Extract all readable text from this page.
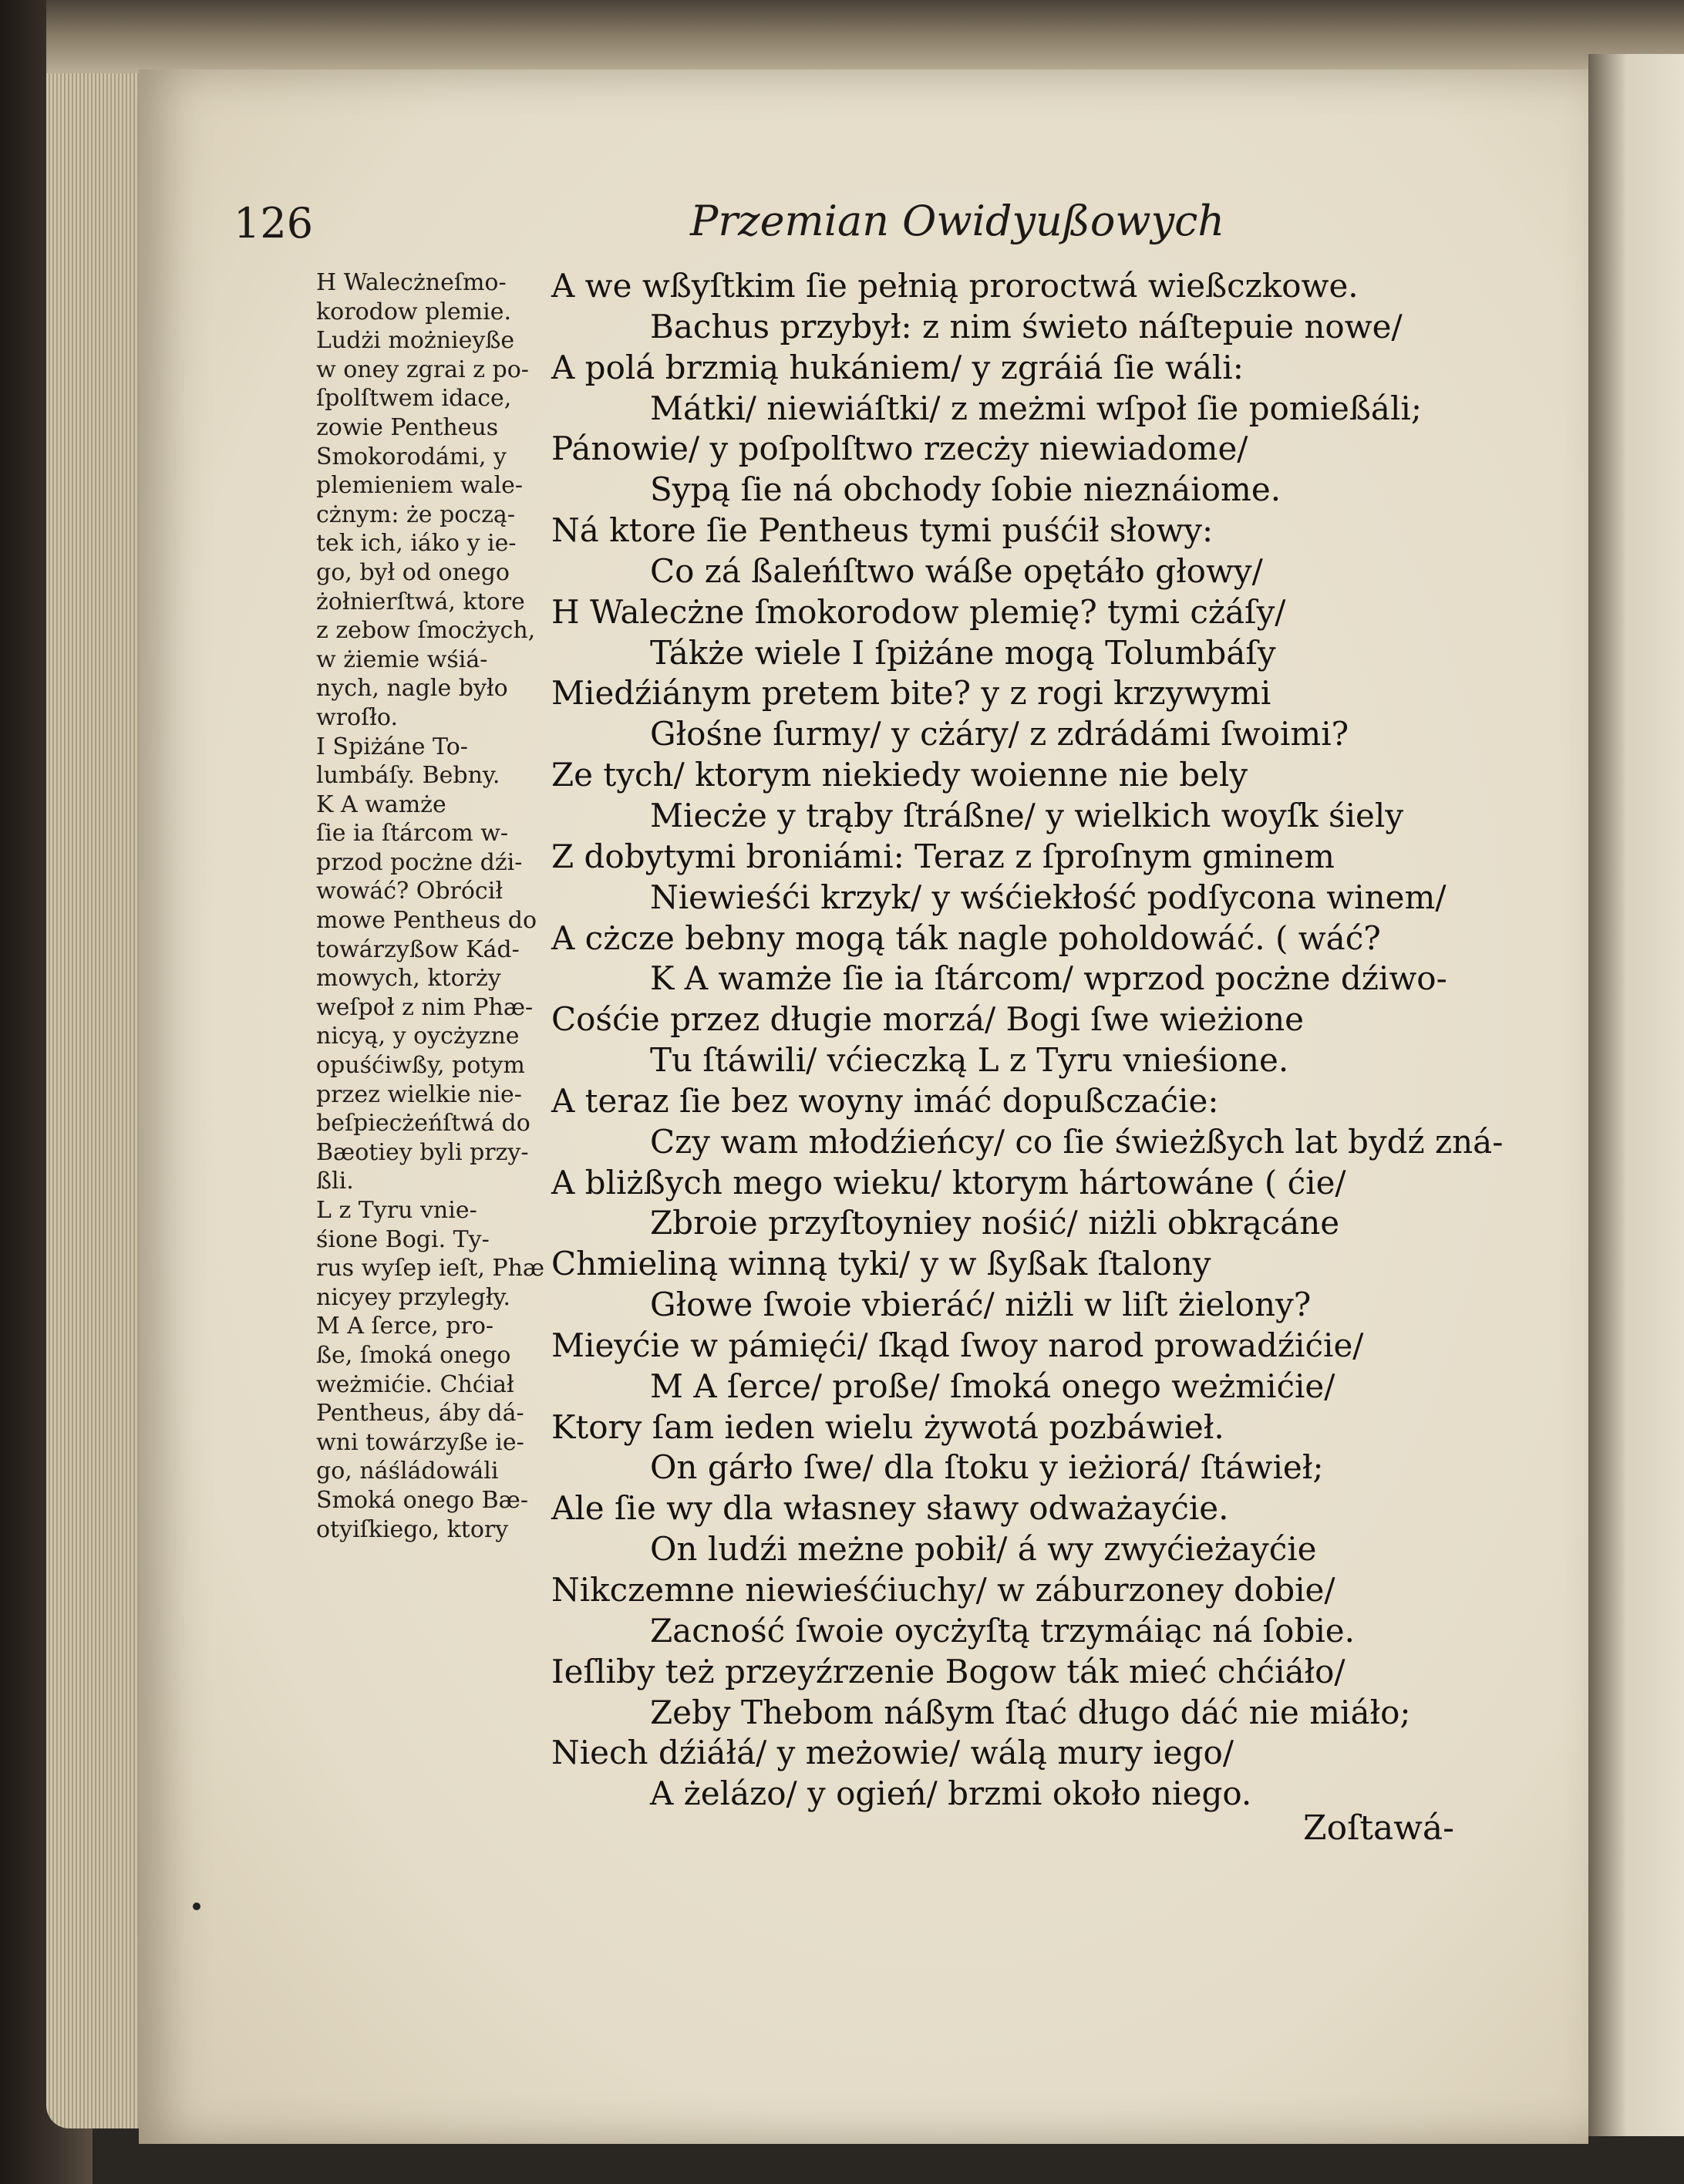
126	Przemian Owidyußowych
H Walecżneſmo-
korodow plemie.
Ludżi możnieyße
w oney zgrai z po-
ſpolſtwem idace,
zowie Pentheus
Smokorodámi, y
plemieniem wale-
cżnym: że począ-
tek ich, iáko y ie-
go, był od onego
żołnierſtwá, ktore
z zebow ſmocżych,
w żiemie wśiá-
nych, nagle było
wroſło.
I Spiżáne To-
lumbáſy. Bebny.
K A wamże
ſie ia ſtárcom w-
przod pocżne dźi-
wowáć? Obrócił
mowe Pentheus do
towárzyßow Kád-
mowych, ktorży
weſpoł z nim Phæ-
nicyą, y oycżyzne
opuśćiwßy, potym
przez wielkie nie-
beſpiecżeńſtwá do
Bæotiey byli przy-
ßli.
L z Tyru vnie-
śione Bogi. Ty-
rus wyſep ieſt, Phæ
nicyey przyległy.
M A ſerce, pro-
ße, ſmoká onego
weżmićie. Chćiał
Pentheus, áby dá-
wni towárzyße ie-
go, náśládowáli
Smoká onego Bæ-
otyiſkiego, ktory
A we wßyſtkim ſie pełnią proroctwá wießczkowe.
Bachus przybył: z nim świeto náſtepuie nowe/
A polá brzmią hukániem/ y zgráiá ſie wáli:
Mátki/ niewiáſtki/ z meżmi wſpoł ſie pomießáli;
Pánowie/ y poſpolſtwo rzecży niewiadome/
Sypą ſie ná obchody ſobie nieznáiome.
Ná ktore ſie Pentheus tymi puśćił słowy:
Co zá ßaleńſtwo wáße opętáło głowy/
H Walecżne ſmokorodow plemię? tymi cżáſy/
Tákże wiele I ſpiżáne mogą Tolumbáſy
Miedźiánym pretem bite? y z rogi krzywymi
Głośne ſurmy/ y cżáry/ z zdrádámi ſwoimi?
Ze tych/ ktorym niekiedy woienne nie bely
Miecże y trąby ſtráßne/ y wielkich woyſk śiely
Z dobytymi broniámi: Teraz z ſproſnym gminem
Niewieśći krzyk/ y wśćiekłość podſycona winem/
A cżcze bebny mogą ták nagle poholdowáć. ( wáć?
K A wamże ſie ia ſtárcom/ wprzod pocżne dźiwo-
Cośćie przez długie morzá/ Bogi ſwe wieżione
Tu ſtáwili/ vćieczką L z Tyru vnieśione.
A teraz ſie bez woyny imáć dopußczaćie:
Czy wam młodźieńcy/ co ſie świeżßych lat bydź zná-
A bliżßych mego wieku/ ktorym hártowáne ( ćie/
Zbroie przyſtoyniey nośić/ niżli obkrącáne
Chmieliną winną tyki/ y w ßyßak ſtalony
Głowe ſwoie vbieráć/ niżli w liſt żielony?
Mieyćie w pámięći/ ſkąd ſwoy narod prowadźićie/
M A ſerce/ proße/ ſmoká onego weżmićie/
Ktory ſam ieden wielu żywotá pozbáwieł.
On gárło ſwe/ dla ſtoku y ieżiorá/ ſtáwieł;
Ale ſie wy dla własney sławy odważayćie.
On ludźi meżne pobił/ á wy zwyćieżayćie
Nikczemne niewieśćiuchy/ w záburzoney dobie/
Zacność ſwoie oycżyſtą trzymáiąc ná ſobie.
Ieſliby też przeyźrzenie Bogow ták mieć chćiáło/
Zeby Thebom náßym ſtać długo dáć nie miáło;
Niech dźiáłá/ y meżowie/ wálą mury iego/
A żelázo/ y ogień/ brzmi około niego.
Zoſtawá-
